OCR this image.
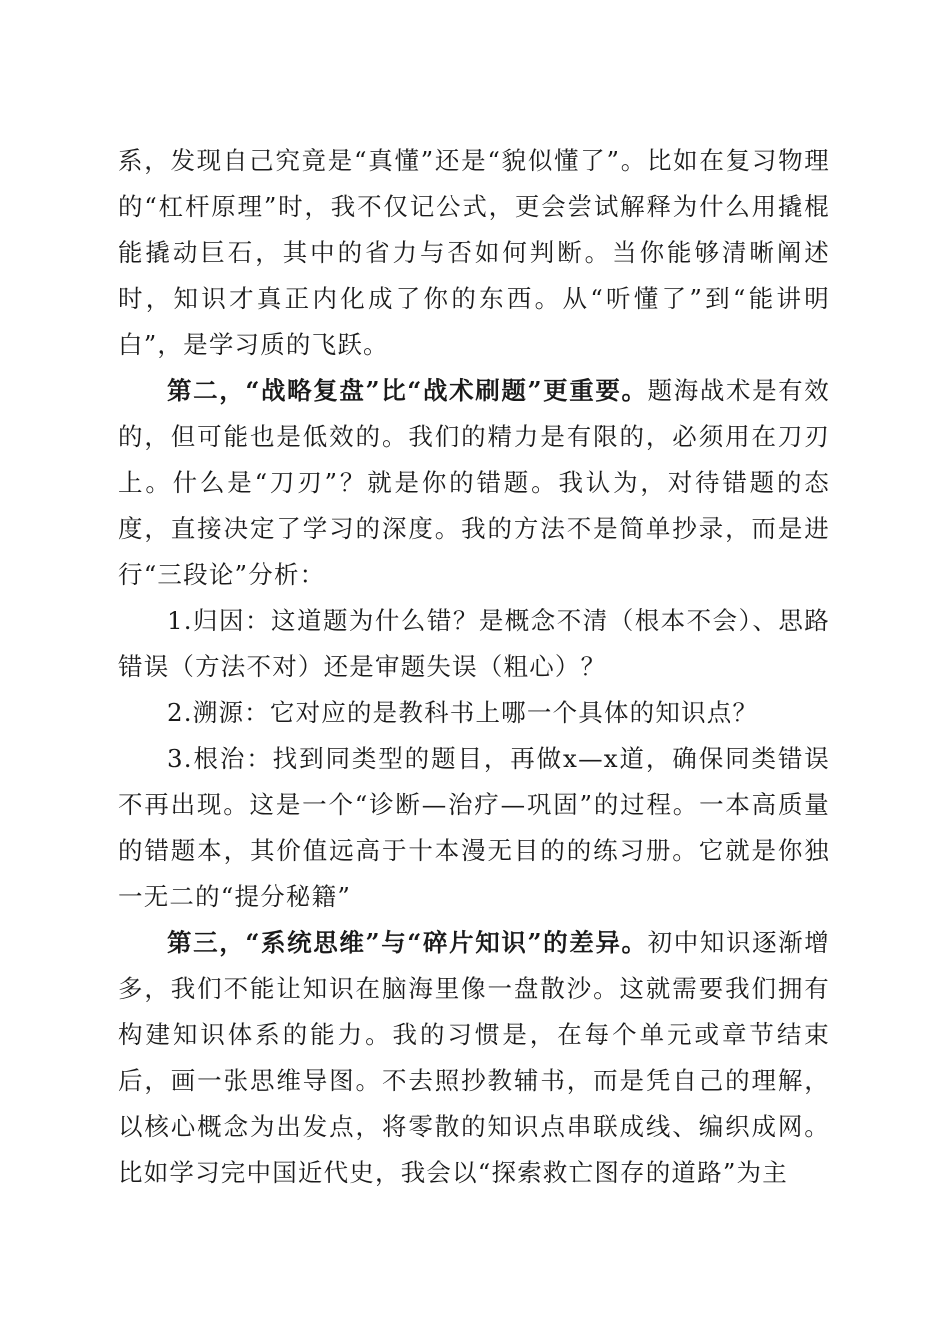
系，发现自己究竟是“真懂”还是“貌似懂了”。比如在复习物理的“杠杆原理”时，我不仅记公式，更会尝试解释为什么用撬棍能撬动巨石，其中的省力与否如何判断。当你能够清晰阐述时，知识才真正内化成了你的东西。从“听懂了”到“能讲明白”，是学习质的飞跃。

第二，“战略复盘”比“战术刷题”更重要。题海战术是有效的，但可能也是低效的。我们的精力是有限的，必须用在刀刃上。什么是“刀刃”？就是你的错题。我认为，对待错题的态度，直接决定了学习的深度。我的方法不是简单抄录，而是进行“三段论”分析：

1.归因：这道题为什么错？是概念不清（根本不会）、思路错误（方法不对）还是审题失误（粗心）？

2.溯源：它对应的是教科书上哪一个具体的知识点？

3.根治：找到同类型的题目，再做x—x道，确保同类错误不再出现。这是一个“诊断—治疗—巩固”的过程。一本高质量的错题本，其价值远高于十本漫无目的的练习册。它就是你独一无二的“提分秘籍”

第三，“系统思维”与“碎片知识”的差异。初中知识逐渐增多，我们不能让知识在脑海里像一盘散沙。这就需要我们拥有构建知识体系的能力。我的习惯是，在每个单元或章节结束后，画一张思维导图。不去照抄教辅书，而是凭自己的理解，以核心概念为出发点，将零散的知识点串联成线、编织成网。比如学习完中国近代史，我会以“探索救亡图存的道路”为主
